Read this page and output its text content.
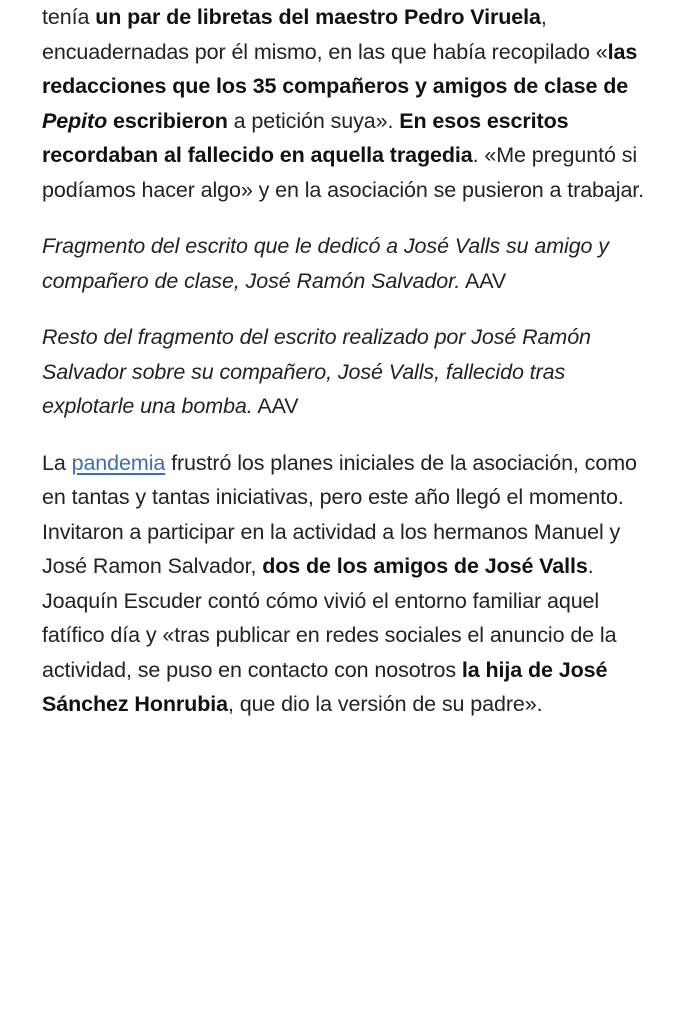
tenía un par de libretas del maestro Pedro Viruela, encuadernadas por él mismo, en las que había recopilado «las redacciones que los 35 compañeros y amigos de clase de Pepito escribieron a petición suya». En esos escritos recordaban al fallecido en aquella tragedia. «Me preguntó si podíamos hacer algo» y en la asociación se pusieron a trabajar.

Fragmento del escrito que le dedicó a José Valls su amigo y compañero de clase, José Ramón Salvador. AAV

Resto del fragmento del escrito realizado por José Ramón Salvador sobre su compañero, José Valls, fallecido tras explotarle una bomba. AAV

La pandemia frustró los planes iniciales de la asociación, como en tantas y tantas iniciativas, pero este año llegó el momento. Invitaron a participar en la actividad a los hermanos Manuel y José Ramon Salvador, dos de los amigos de José Valls. Joaquín Escuder contó cómo vivió el entorno familiar aquel fatífico día y «tras publicar en redes sociales el anuncio de la actividad, se puso en contacto con nosotros la hija de José Sánchez Honrubia, que dio la versión de su padre».
